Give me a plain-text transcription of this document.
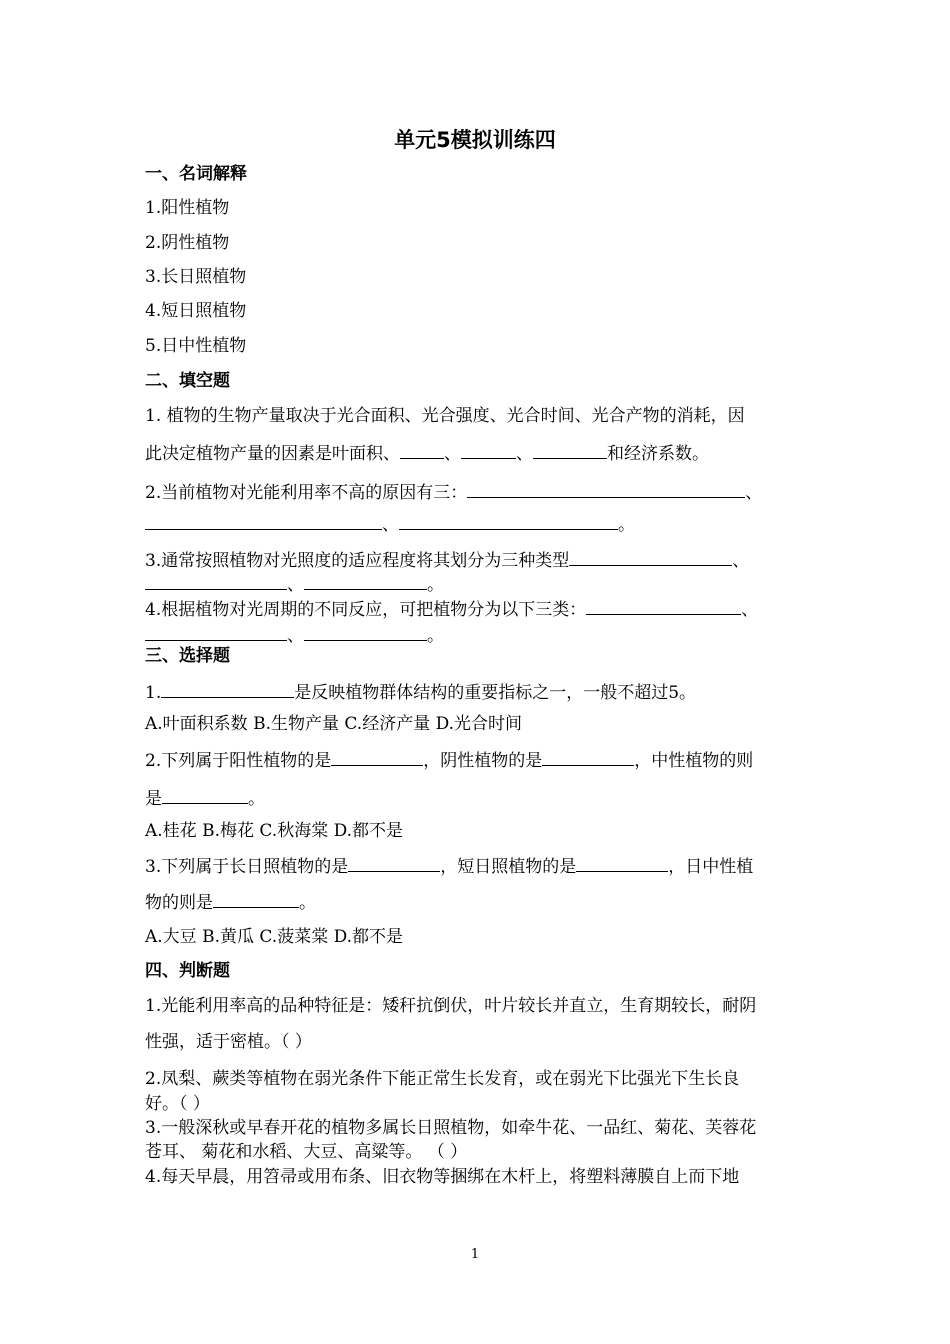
单元5模拟训练四
一、名词解释
1.阳性植物
2.阴性植物
3.长日照植物
4.短日照植物
5.日中性植物
二、填空题
1. 植物的生物产量取决于光合面积、光合强度、光合时间、光合产物的消耗，因
此决定植物产量的因素是叶面积、	、	、	和经济系数。
2.当前植物对光能利用率不高的原因有三：	、
、	。
3.通常按照植物对光照度的适应程度将其划分为三种类型	、
、	。
4.根据植物对光周期的不同反应，可把植物分为以下三类：	、
、	。
三、选择题
1.	是反映植物群体结构的重要指标之一，一般不超过5。
A.叶面积系数 B.生物产量 C.经济产量 D.光合时间
2.下列属于阳性植物的是	，阴性植物的是	，中性植物的则
是	。
A.桂花 B.梅花 C.秋海棠 D.都不是
3.下列属于长日照植物的是	，短日照植物的是	，日中性植
物的则是	。
A.大豆 B.黄瓜 C.菠菜棠 D.都不是
四、判断题
1.光能利用率高的品种特征是：矮秆抗倒伏，叶片较长并直立，生育期较长，耐阴
性强，适于密植。（ ）
2.凤梨、蕨类等植物在弱光条件下能正常生长发育，或在弱光下比强光下生长良
好。（ ）
3.一般深秋或早春开花的植物多属长日照植物，如牵牛花、一品红、菊花、芙蓉花
苍耳、 菊花和水稻、大豆、高粱等。 （ ）
4.每天早晨，用笤帚或用布条、旧衣物等捆绑在木杆上，将塑料薄膜自上而下地
1
